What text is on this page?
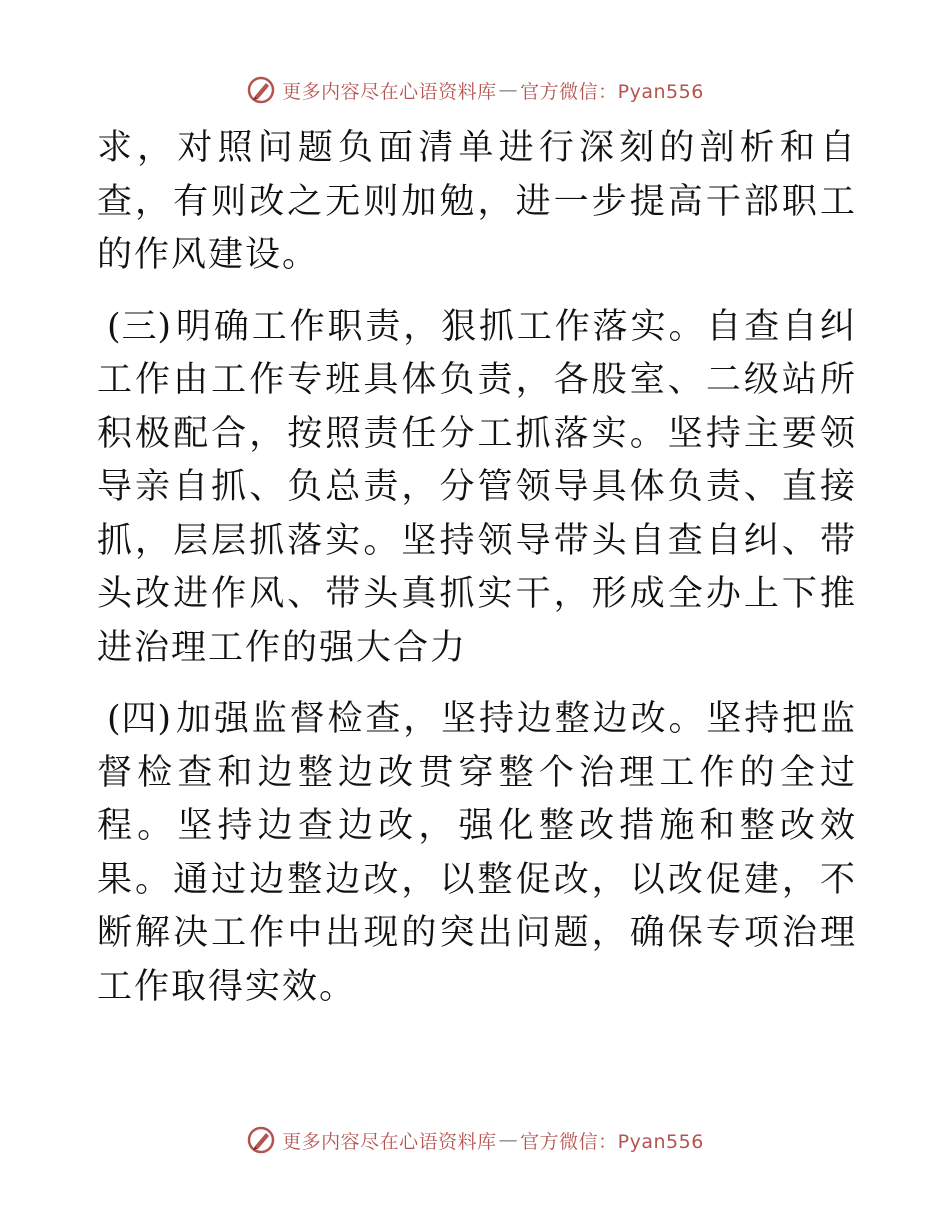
更多内容尽在心语资料库 — 官方微信：Pyan556

求，对照问题负面清单进行深刻的剖析和自查，有则改之无则加勉，进一步提高干部职工的作风建设。

(三) 明确工作职责，狠抓工作落实。自查自纠工作由工作专班具体负责，各股室、二级站所积极配合，按照责任分工抓落实。坚持主要领导亲自抓、负总责，分管领导具体负责、直接抓，层层抓落实。坚持领导带头自查自纠、带头改进作风、带头真抓实干，形成全办上下推进治理工作的强大合力

(四) 加强监督检查，坚持边整边改。坚持把监督检查和边整边改贯穿整个治理工作的全过程。坚持边查边改，强化整改措施和整改效果。通过边整边改，以整促改，以改促建，不断解决工作中出现的突出问题，确保专项治理工作取得实效。

更多内容尽在心语资料库 — 官方微信：Pyan556
